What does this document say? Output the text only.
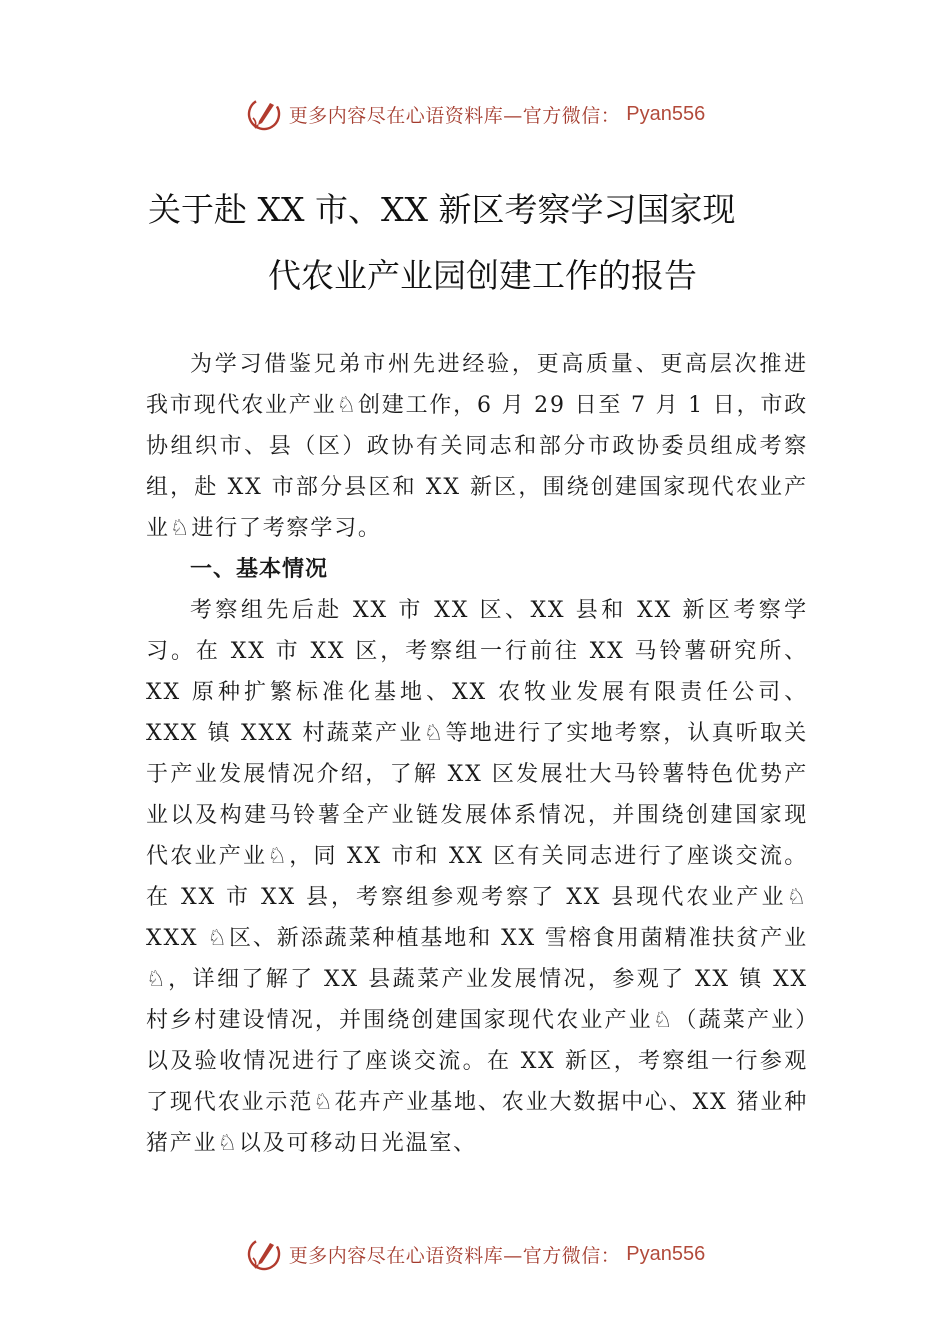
更多内容尽在心语资料库—官方微信： Pyan556
关于赴 XX 市、XX 新区考察学习国家现
代农业产业园创建工作的报告

为学习借鉴兄弟市州先进经验，更高质量、更高层次推进我市现代农业产业♘创建工作，6 月 29 日至 7 月 1 日，市政协组织市、县（区）政协有关同志和部分市政协委员组成考察组，赴 XX 市部分县区和 XX 新区，围绕创建国家现代农业产业♘进行了考察学习。

一、基本情况

考察组先后赴 XX 市 XX 区、XX 县和 XX 新区考察学习。在 XX 市 XX 区，考察组一行前往 XX 马铃薯研究所、XX 原种扩繁标准化基地、XX 农牧业发展有限责任公司、XXX 镇 XXX 村蔬菜产业♘等地进行了实地考察，认真听取关于产业发展情况介绍，了解 XX 区发展壮大马铃薯特色优势产业以及构建马铃薯全产业链发展体系情况，并围绕创建国家现代农业产业♘，同 XX 市和 XX 区有关同志进行了座谈交流。在 XX 市 XX 县，考察组参观考察了 XX 县现代农业产业♘ XXX ♘区、新添蔬菜种植基地和 XX 雪榕食用菌精准扶贫产业♘，详细了解了 XX 县蔬菜产业发展情况，参观了 XX 镇 XX 村乡村建设情况，并围绕创建国家现代农业产业♘（蔬菜产业）以及验收情况进行了座谈交流。在 XX 新区，考察组一行参观了现代农业示范♘花卉产业基地、农业大数据中心、XX 猪业种猪产业♘以及可移动日光温室、

更多内容尽在心语资料库—官方微信： Pyan556
